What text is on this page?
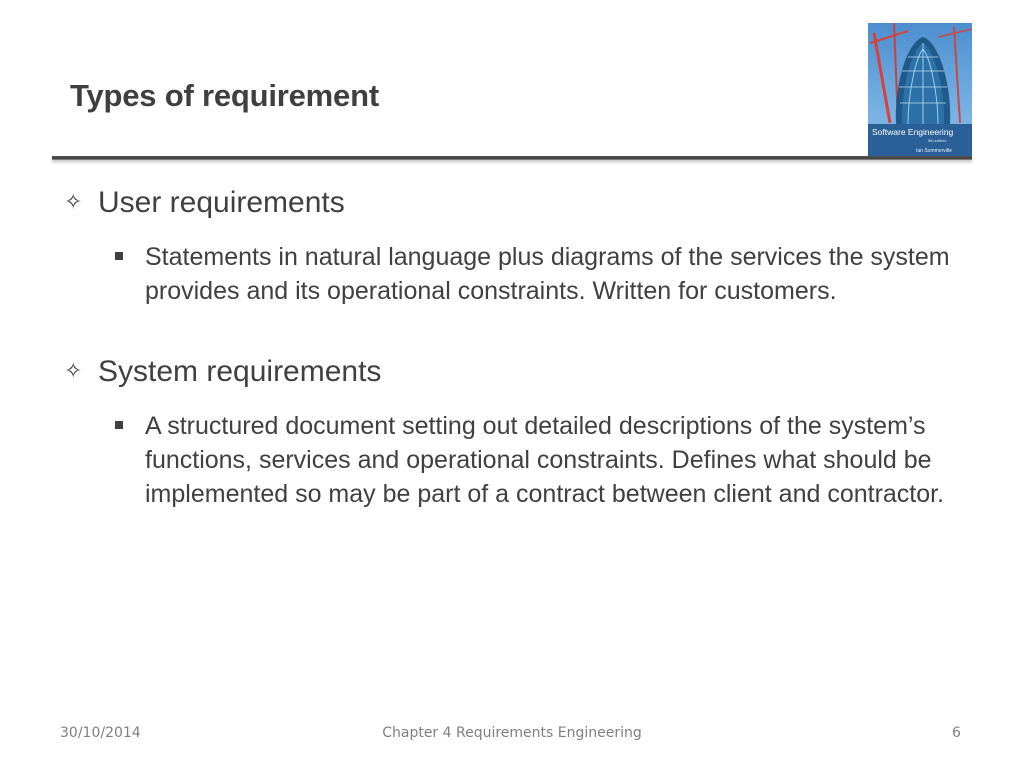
Types of requirement
Software Engineering
9th edition
Ian Sommerville
✧ User requirements
Statements in natural language plus diagrams of the services the system provides and its operational constraints. Written for customers.
✧ System requirements
A structured document setting out detailed descriptions of the system’s functions, services and operational constraints. Defines what should be implemented so may be part of a contract between client and contractor.
30/10/2014	Chapter 4 Requirements Engineering	6
